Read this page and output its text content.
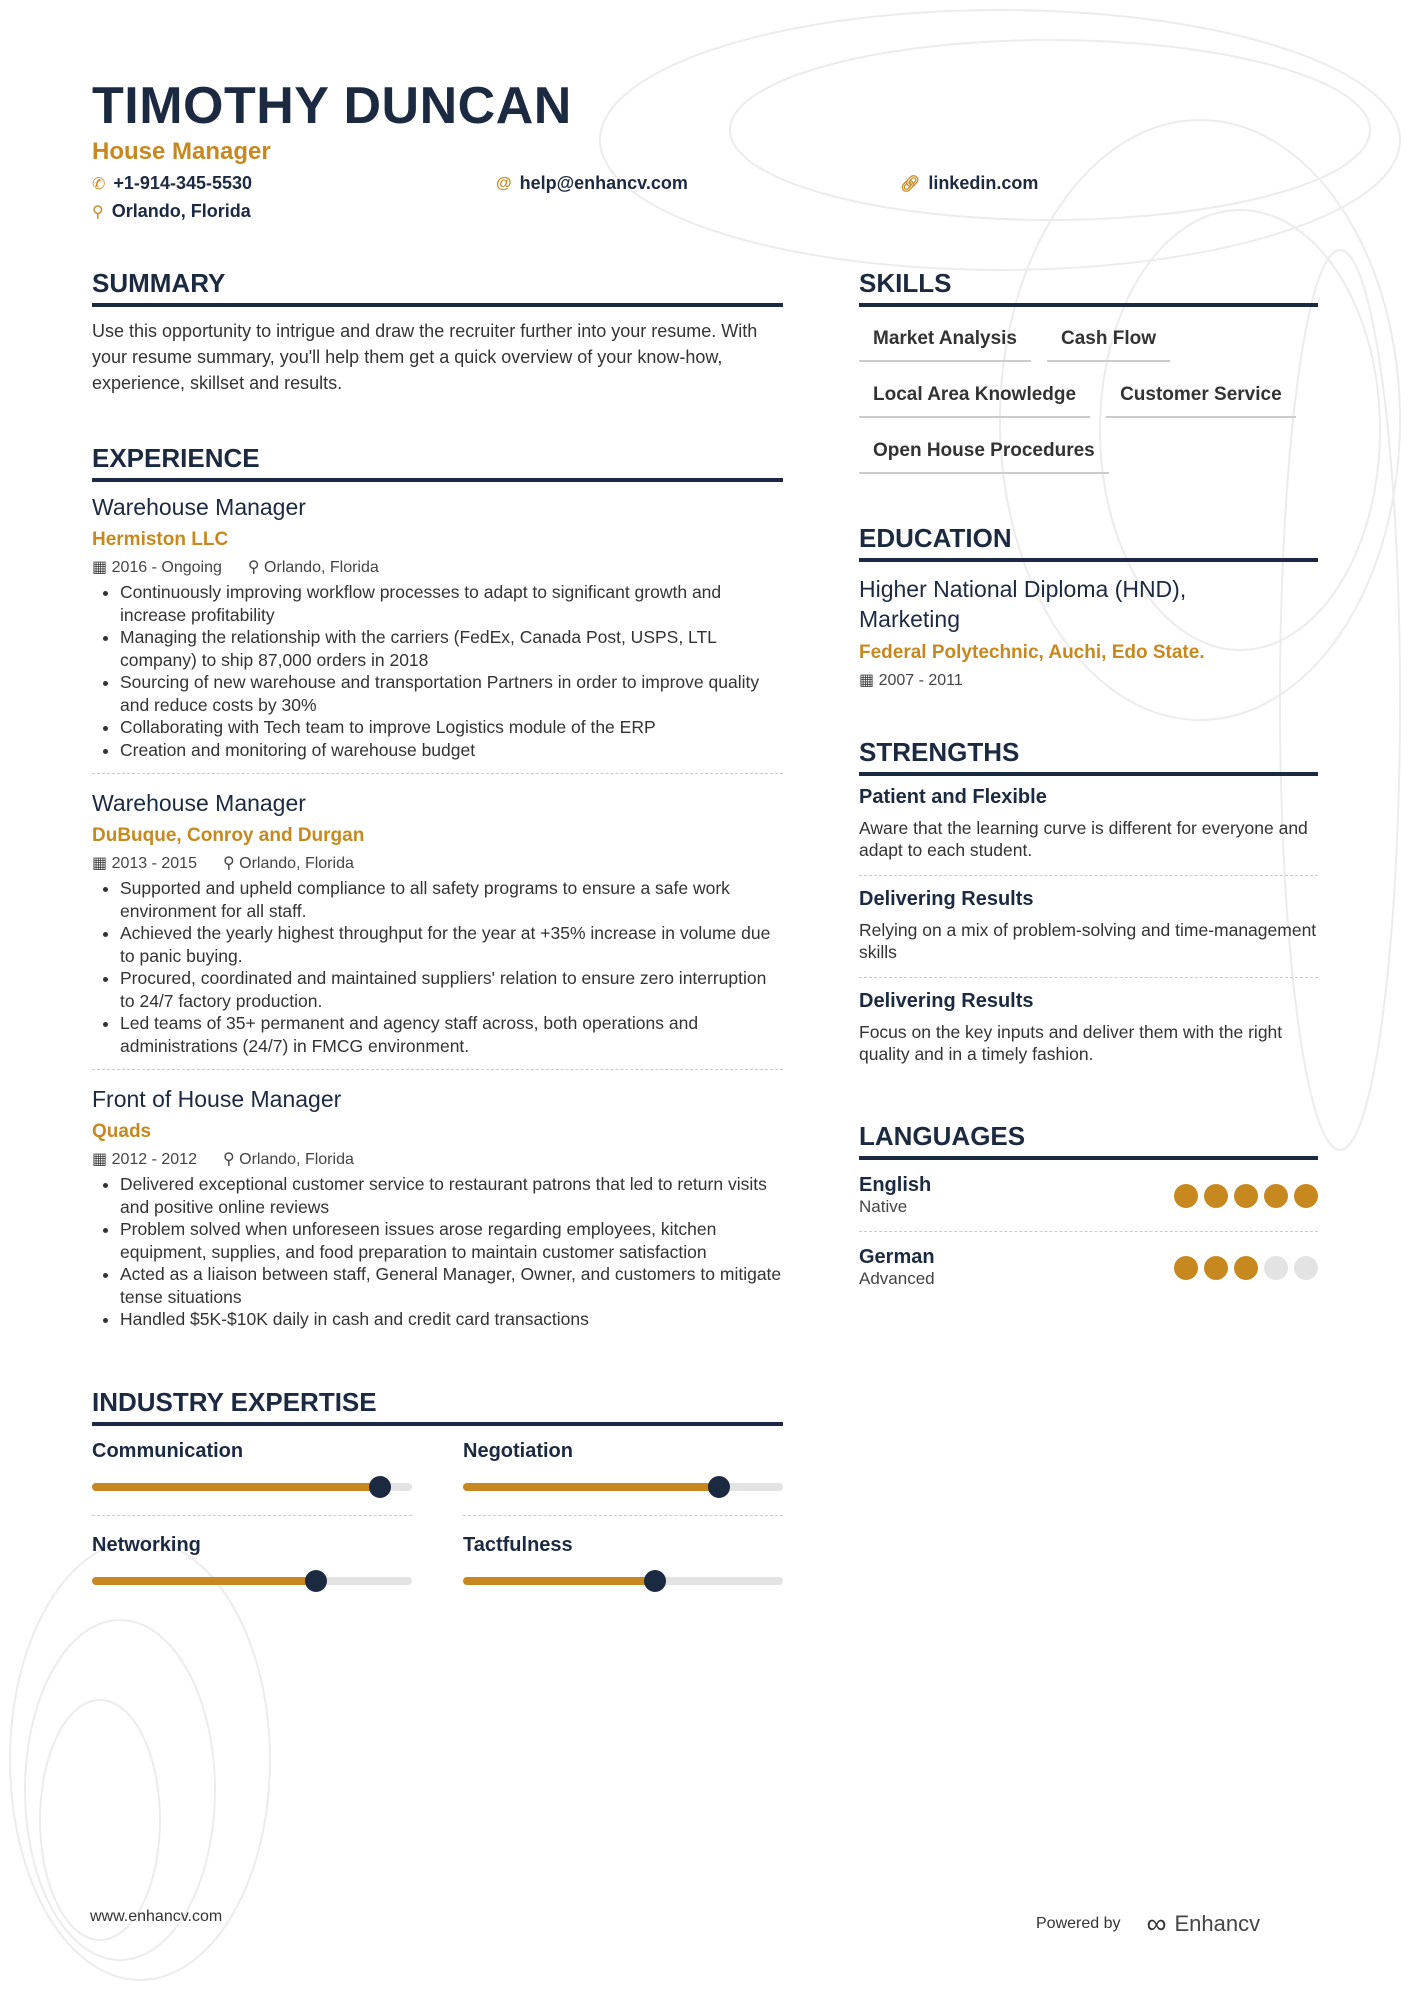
TIMOTHY DUNCAN
House Manager
✆ +1-914-345-5530	@ help@enhancv.com	🔗︎ linkedin.com
⚲ Orlando, Florida
SUMMARY

Use this opportunity to intrigue and draw the recruiter further into your resume. With your resume summary, you'll help them get a quick overview of your know-how, experience, skillset and results.

EXPERIENCE
Warehouse Manager
Hermiston LLC
▦ 2016 - Ongoing ⚲ Orlando, Florida
• Continuously improving workflow processes to adapt to significant growth and increase profitability
• Managing the relationship with the carriers (FedEx, Canada Post, USPS, LTL company) to ship 87,000 orders in 2018
• Sourcing of new warehouse and transportation Partners in order to improve quality and reduce costs by 30%
• Collaborating with Tech team to improve Logistics module of the ERP
• Creation and monitoring of warehouse budget
Warehouse Manager
DuBuque, Conroy and Durgan
▦ 2013 - 2015 ⚲ Orlando, Florida
• Supported and upheld compliance to all safety programs to ensure a safe work environment for all staff.
• Achieved the yearly highest throughput for the year at +35% increase in volume due to panic buying.
• Procured, coordinated and maintained suppliers' relation to ensure zero interruption to 24/7 factory production.
• Led teams of 35+ permanent and agency staff across, both operations and administrations (24/7) in FMCG environment.
Front of House Manager
Quads
▦ 2012 - 2012 ⚲ Orlando, Florida
• Delivered exceptional customer service to restaurant patrons that led to return visits and positive online reviews
• Problem solved when unforeseen issues arose regarding employees, kitchen equipment, supplies, and food preparation to maintain customer satisfaction
• Acted as a liaison between staff, General Manager, Owner, and customers to mitigate tense situations
• Handled $5K-$10K daily in cash and credit card transactions
INDUSTRY EXPERTISE
Communication	Negotiation
Networking	Tactfulness
SKILLS
Market Analysis	Cash Flow
Local Area Knowledge	Customer Service
Open House Procedures
EDUCATION
Higher National Diploma (HND), Marketing
Federal Polytechnic, Auchi, Edo State.
▦ 2007 - 2011
STRENGTHS
Patient and Flexible

Aware that the learning curve is different for everyone and adapt to each student.

Delivering Results

Relying on a mix of problem-solving and time-management skills

Delivering Results

Focus on the key inputs and deliver them with the right quality and in a timely fashion.

LANGUAGES
English
Native
German
Advanced
www.enhancv.com	Powered by ∞ Enhancv
